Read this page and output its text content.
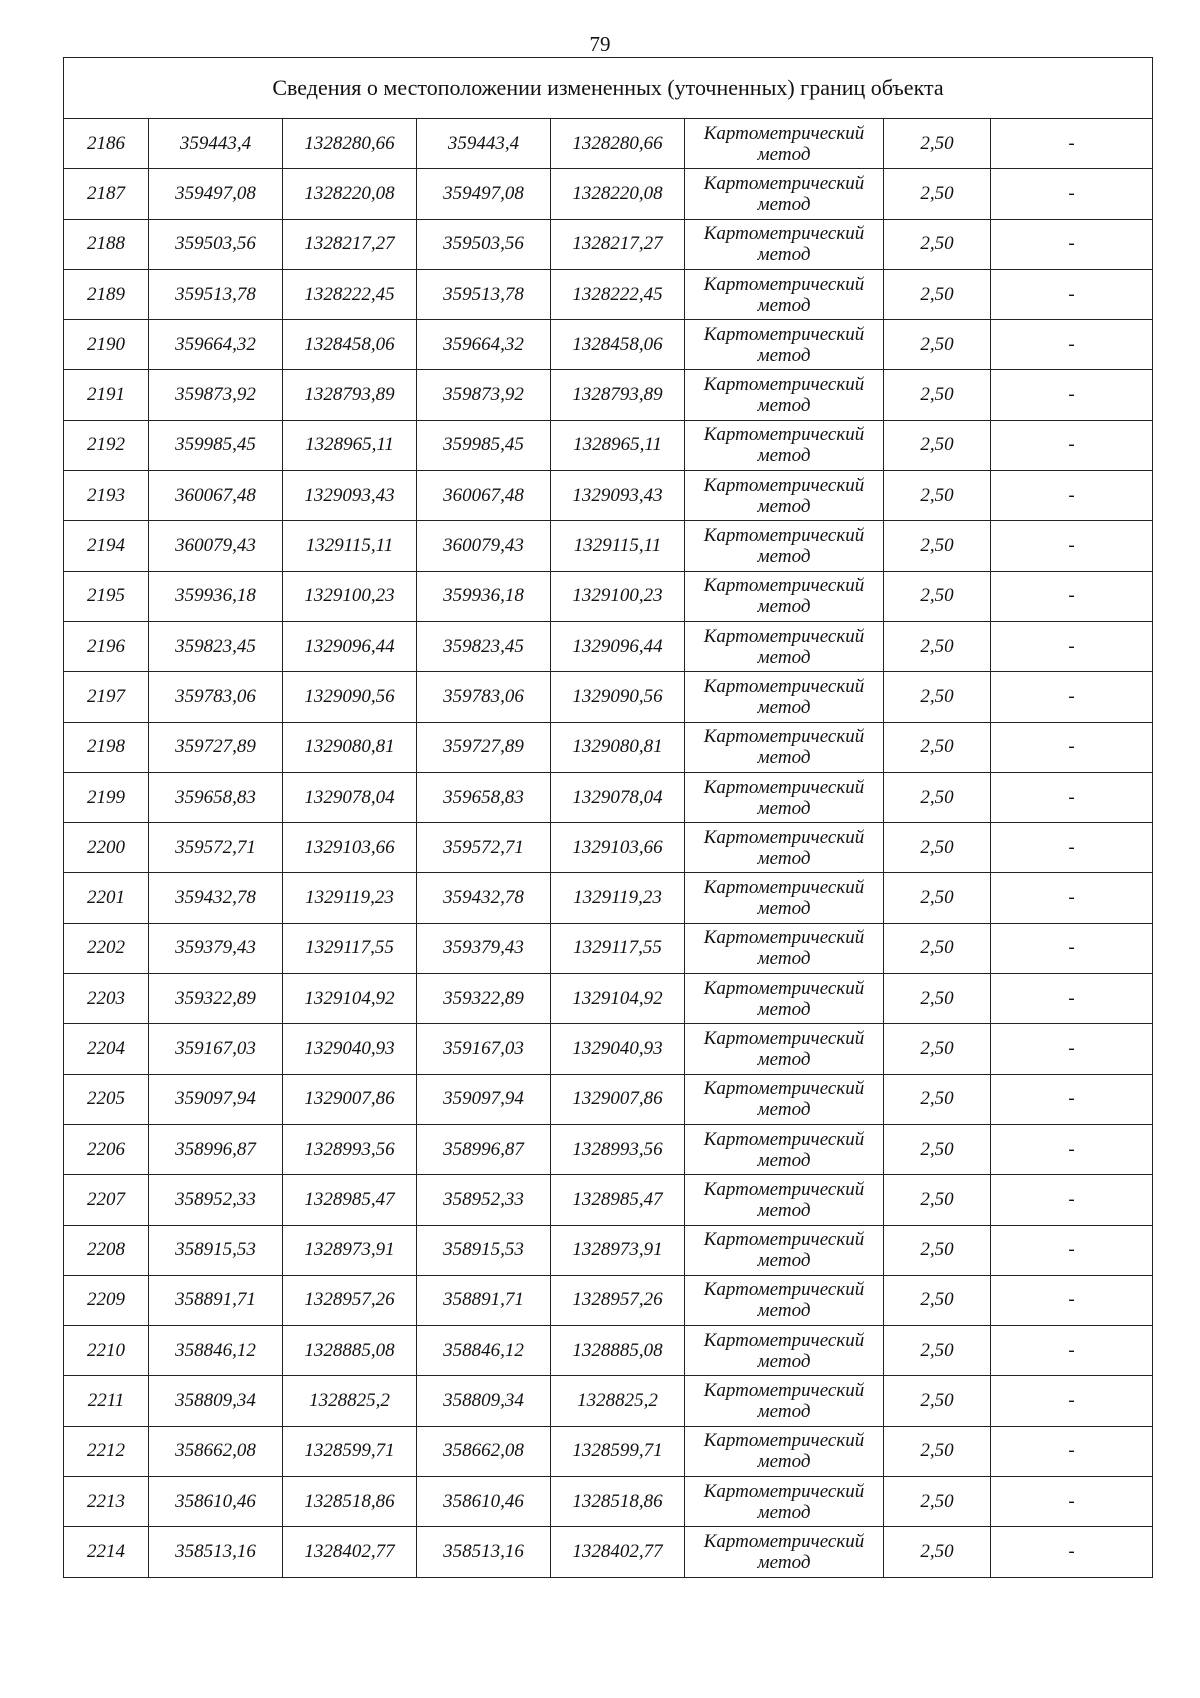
79
Сведения о местоположении измененных (уточненных) границ объекта							
2186	359443,4	1328280,66	359443,4	1328280,66	Картометрический метод	2,50	-
2187	359497,08	1328220,08	359497,08	1328220,08	Картометрический метод	2,50	-
2188	359503,56	1328217,27	359503,56	1328217,27	Картометрический метод	2,50	-
2189	359513,78	1328222,45	359513,78	1328222,45	Картометрический метод	2,50	-
2190	359664,32	1328458,06	359664,32	1328458,06	Картометрический метод	2,50	-
2191	359873,92	1328793,89	359873,92	1328793,89	Картометрический метод	2,50	-
2192	359985,45	1328965,11	359985,45	1328965,11	Картометрический метод	2,50	-
2193	360067,48	1329093,43	360067,48	1329093,43	Картометрический метод	2,50	-
2194	360079,43	1329115,11	360079,43	1329115,11	Картометрический метод	2,50	-
2195	359936,18	1329100,23	359936,18	1329100,23	Картометрический метод	2,50	-
2196	359823,45	1329096,44	359823,45	1329096,44	Картометрический метод	2,50	-
2197	359783,06	1329090,56	359783,06	1329090,56	Картометрический метод	2,50	-
2198	359727,89	1329080,81	359727,89	1329080,81	Картометрический метод	2,50	-
2199	359658,83	1329078,04	359658,83	1329078,04	Картометрический метод	2,50	-
2200	359572,71	1329103,66	359572,71	1329103,66	Картометрический метод	2,50	-
2201	359432,78	1329119,23	359432,78	1329119,23	Картометрический метод	2,50	-
2202	359379,43	1329117,55	359379,43	1329117,55	Картометрический метод	2,50	-
2203	359322,89	1329104,92	359322,89	1329104,92	Картометрический метод	2,50	-
2204	359167,03	1329040,93	359167,03	1329040,93	Картометрический метод	2,50	-
2205	359097,94	1329007,86	359097,94	1329007,86	Картометрический метод	2,50	-
2206	358996,87	1328993,56	358996,87	1328993,56	Картометрический метод	2,50	-
2207	358952,33	1328985,47	358952,33	1328985,47	Картометрический метод	2,50	-
2208	358915,53	1328973,91	358915,53	1328973,91	Картометрический метод	2,50	-
2209	358891,71	1328957,26	358891,71	1328957,26	Картометрический метод	2,50	-
2210	358846,12	1328885,08	358846,12	1328885,08	Картометрический метод	2,50	-
2211	358809,34	1328825,2	358809,34	1328825,2	Картометрический метод	2,50	-
2212	358662,08	1328599,71	358662,08	1328599,71	Картометрический метод	2,50	-
2213	358610,46	1328518,86	358610,46	1328518,86	Картометрический метод	2,50	-
2214	358513,16	1328402,77	358513,16	1328402,77	Картометрический метод	2,50	-
